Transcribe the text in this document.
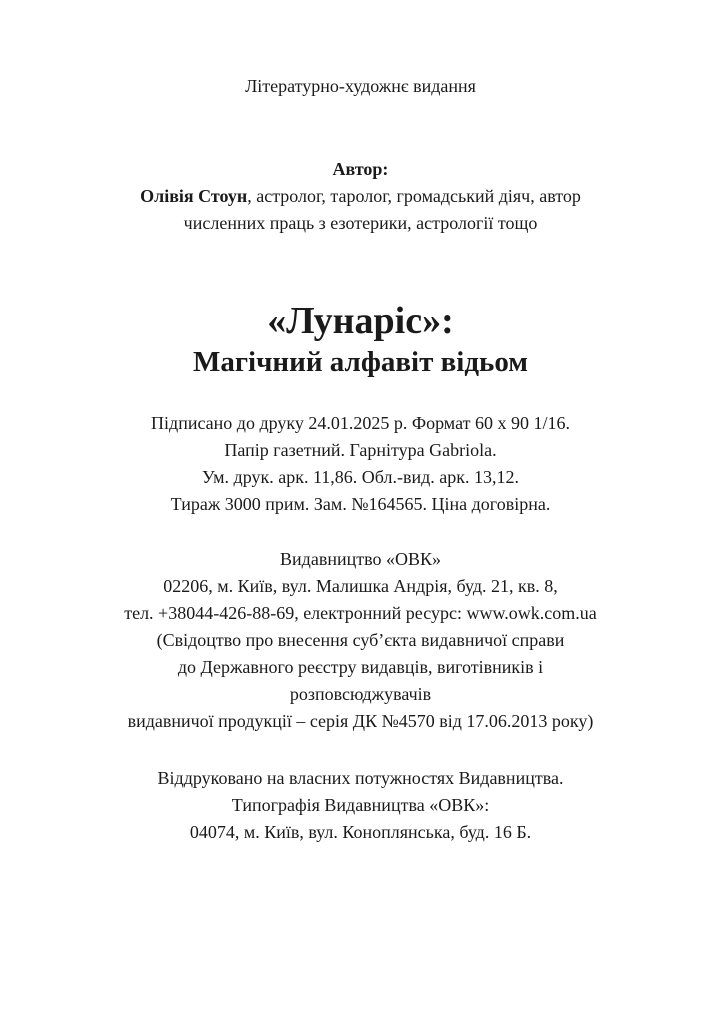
Літературно-художнє видання
Автор:
Олівія Стоун, астролог, таролог, громадський діяч, автор
численних праць з езотерики, астрології тощо
«Лунаріс»:
Магічний алфавіт відьом
Підписано до друку 24.01.2025 р. Формат 60 х 90 1/16.
Папір газетний. Гарнітура Gabriola.
Ум. друк. арк. 11,86. Обл.-вид. арк. 13,12.
Тираж 3000 прим. Зам. №164565. Ціна договірна.
Видавництво «ОВК»
02206, м. Київ, вул. Малишка Андрія, буд. 21, кв. 8,
тел. +38044-426-88-69, електронний ресурс: www.owk.com.ua
(Свідоцтво про внесення суб’єкта видавничої справи
до Державного реєстру видавців, виготівників і
розповсюджувачів
видавничої продукції – серія ДК №4570 від 17.06.2013 року)
Віддруковано на власних потужностях Видавництва.
Типографія Видавництва «ОВК»:
04074, м. Київ, вул. Коноплянська, буд. 16 Б.
